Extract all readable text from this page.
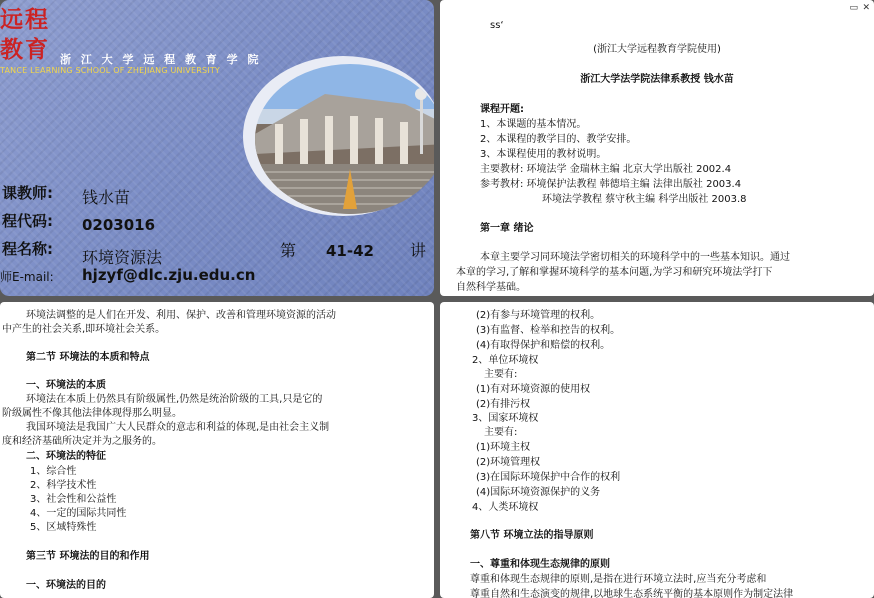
远程
教育 浙 江 大 学 远 程 教 育 学 院
TANCE LEARNING SCHOOL OF ZHEJIANG UNIVERSITY
课教师: 钱水苗
程代码: 0203016
程名称: 环境资源法	第 41-42 讲
师E-mail: hjzyf@dlc.zju.edu.cn
▭ ✕
ss‘
(浙江大学远程教育学院使用)
浙江大学法学院法律系教授 钱水苗
课程开题:
1、本课题的基本情况。
2、本课程的教学目的、教学安排。
3、本课程使用的教材说明。
主要教材: 环境法学 金瑞林主编 北京大学出版社 2002.4
参考教材: 环境保护法教程 韩德培主编 法律出版社 2003.4
环境法学教程 蔡守秋主编 科学出版社 2003.8
第一章 绪论
本章主要学习同环境法学密切相关的环境科学中的一些基本知识。通过
本章的学习,了解和掌握环境科学的基本问题,为学习和研究环境法学打下
自然科学基础。
环境法调整的是人们在开发、利用、保护、改善和管理环境资源的活动
中产生的社会关系,即环境社会关系。
第二节 环境法的本质和特点
一、环境法的本质
环境法在本质上仍然具有阶级属性,仍然是统治阶级的工具,只是它的
阶级属性不像其他法律体现得那么明显。
我国环境法是我国广大人民群众的意志和利益的体现,是由社会主义制
度和经济基础所决定并为之服务的。
二、环境法的特征
1、综合性
2、科学技术性
3、社会性和公益性
4、一定的国际共同性
5、区域特殊性
第三节 环境法的目的和作用
一、环境法的目的
(2)有参与环境管理的权利。
(3)有监督、检举和控告的权利。
(4)有取得保护和赔偿的权利。
2、单位环境权
主要有:
(1)有对环境资源的使用权
(2)有排污权
3、国家环境权
主要有:
(1)环境主权
(2)环境管理权
(3)在国际环境保护中合作的权利
(4)国际环境资源保护的义务
4、人类环境权
第八节 环境立法的指导原则
一、尊重和体现生态规律的原则
尊重和体现生态规律的原则,是指在进行环境立法时,应当充分考虑和
尊重自然和生态演变的规律,以地球生态系统平衡的基本原则作为制定法律
